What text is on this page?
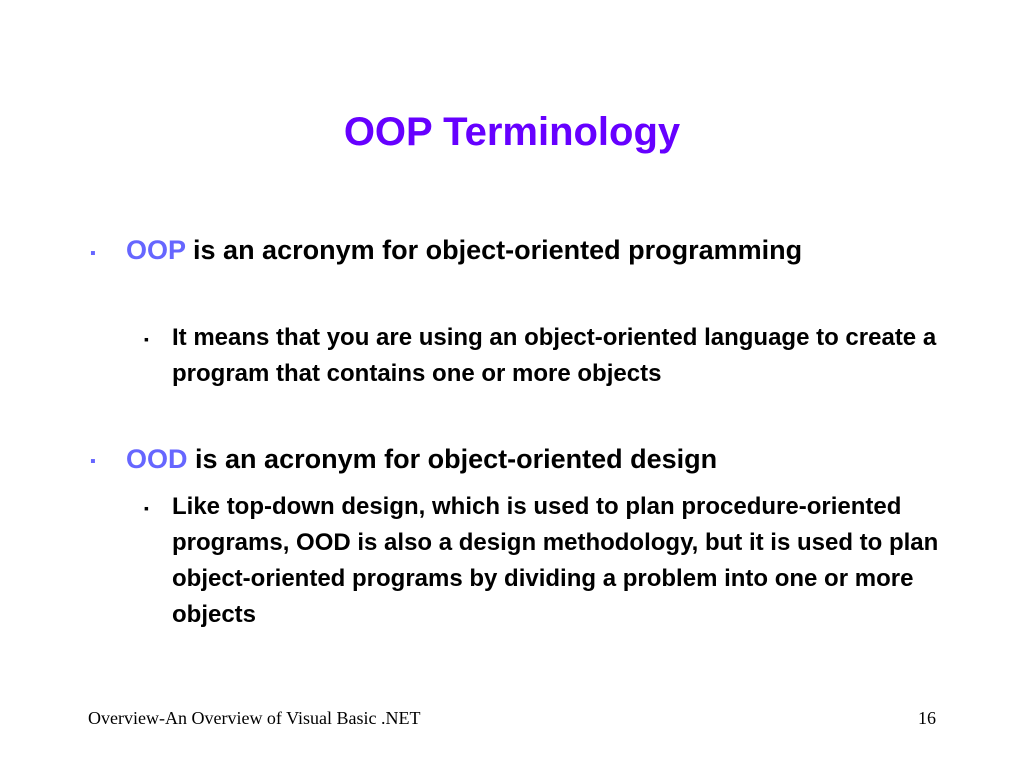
OOP Terminology
▪ OOP is an acronym for object-oriented programming
▪ It means that you are using an object-oriented language to create a program that contains one or more objects
▪ OOD is an acronym for object-oriented design
▪ Like top-down design, which is used to plan procedure-oriented programs, OOD is also a design methodology, but it is used to plan object-oriented programs by dividing a problem into one or more objects
Overview-An Overview of Visual Basic .NET	16
